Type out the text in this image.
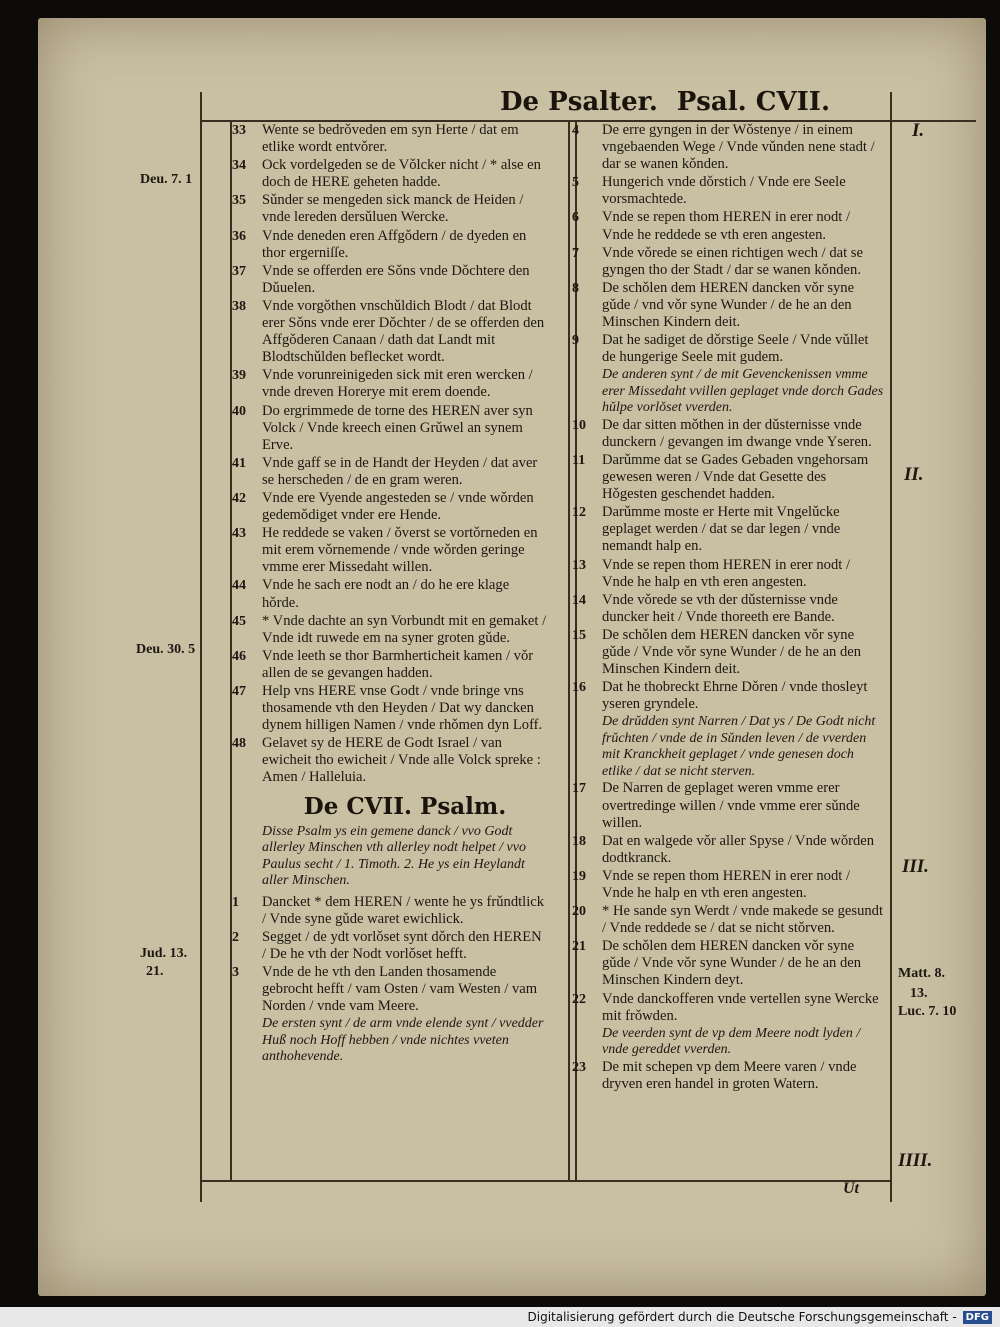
De Psalter. Psal. CVII.
33 Wente se bedrǒveden em syn Herte / dat em etlike wordt entvǒrer.
34 Ock vordelgeden se de Vǒlcker nicht / * alse en doch de HERE geheten hadde.
35 Sǔnder se mengeden sick manck de Heiden / vnde lereden dersǔluen Wercke.
36 Vnde deneden eren Affgǒdern / de dyeden en thor ergerniſſe.
37 Vnde se offerden ere Sǒns vnde Dǒchtere den Dǔuelen.
38 Vnde vorgǒthen vnschǔldich Blodt / dat Blodt erer Sǒns vnde erer Dǒchter / de se offerden den Affgǒderen Canaan / dath dat Landt mit Blodtschǔlden beflecket wordt.
39 Vnde vorunreinigeden sick mit eren wercken / vnde dreven Horerye mit erem doende.
40 Do ergrimmede de torne des HEREN aver syn Volck / Vnde kreech einen Grǔwel an synem Erve.
41 Vnde gaff se in de Handt der Heyden / dat aver se herscheden / de en gram weren.
42 Vnde ere Vyende angesteden se / vnde wǒrden gedemǒdiget vnder ere Hende.
43 He reddede se vaken / ǒverst se vortǒrneden en mit erem vǒrnemende / vnde wǒrden geringe vmme erer Missedaht willen.
44 Vnde he sach ere nodt an / do he ere klage hǒrde.
45 * Vnde dachte an syn Vorbundt mit en gemaket / Vnde idt ruwede em na syner groten gǔde.
46 Vnde leeth se thor Barmherticheit kamen / vǒr allen de se gevangen hadden.
47 Help vns HERE vnse Godt / vnde bringe vns thosamende vth den Heyden / Dat wy dancken dynem hilligen Namen / vnde rhǒmen dyn Loff.
48 Gelavet sy de HERE de Godt Israel / van ewicheit tho ewicheit / Vnde alle Volck spreke : Amen / Halleluia.
De CVII. Psalm.
Disse Psalm ys ein gemene danck / vvo Godt allerley Minschen vth allerley nodt helpet / vvo Paulus secht / 1. Timoth. 2. He ys ein Heylandt aller Minschen.
1 Dancket * dem HEREN / wente he ys frǔndtlick / Vnde syne gǔde waret ewichlick.
2 Segget / de ydt vorlǒset synt dǒrch den HEREN / De he vth der Nodt vorlǒset hefft.
3 Vnde de he vth den Landen thosamende gebrocht hefft / vam Osten / vam Westen / vam Norden / vnde vam Meere.
De ersten synt / de arm vnde elende synt / vvedder Huß noch Hoff hebben / vnde nichtes vveten anthohevende.
4 De erre gyngen in der Wǒstenye / in einem vngebaenden Wege / Vnde vǔnden nene stadt / dar se wanen kǒnden.
5 Hungerich vnde dǒrstich / Vnde ere Seele vorsmachtede.
6 Vnde se repen thom HEREN in erer nodt / Vnde he reddede se vth eren angesten.
7 Vnde vǒrede se einen richtigen wech / dat se gyngen tho der Stadt / dar se wanen kǒnden.
8 De schǒlen dem HEREN dancken vǒr syne gǔde / vnd vǒr syne Wunder / de he an den Minschen Kindern deit.
9 Dat he sadiget de dǒrstige Seele / Vnde vǔllet de hungerige Seele mit gudem.
De anderen synt / de mit Gevenckenissen vmme erer Missedaht vvillen geplaget vnde dorch Gades hǔlpe vorlǒset vverden.
10 De dar sitten mǒthen in der dǔsternisse vnde dunckern / gevangen im dwange vnde Yseren.
11 Darǔmme dat se Gades Gebaden vngehorsam gewesen weren / Vnde dat Gesette des Hǒgesten geschendet hadden.
12 Darǔmme moste er Herte mit Vngelǔcke geplaget werden / dat se dar legen / vnde nemandt halp en.
13 Vnde se repen thom HEREN in erer nodt / Vnde he halp en vth eren angesten.
14 Vnde vǒrede se vth der dǔsternisse vnde duncker heit / Vnde thoreeth ere Bande.
15 De schǒlen dem HEREN dancken vǒr syne gǔde / Vnde vǒr syne Wunder / de he an den Minschen Kindern deit.
16 Dat he thobreckt Ehrne Dǒren / vnde thosleyt yseren gryndele.
De drǔdden synt Narren / Dat ys / De Godt nicht frǔchten / vnde de in Sǔnden leven / de vverden mit Kranckheit geplaget / vnde genesen doch etlike / dat se nicht sterven.
17 De Narren de geplaget weren vmme erer overtredinge willen / vnde vmme erer sǔnde willen.
18 Dat en walgede vǒr aller Spyse / Vnde wǒrden dodtkranck.
19 Vnde se repen thom HEREN in erer nodt / Vnde he halp en vth eren angesten.
20 * He sande syn Werdt / vnde makede se gesundt / Vnde reddede se / dat se nicht stǒrven.
21 De schǒlen dem HEREN dancken vǒr syne gǔde / Vnde vǒr syne Wunder / de he an den Minschen Kindern deyt.
22 Vnde danckofferen vnde vertellen syne Wercke mit frǒwden.
De veerden synt de vp dem Meere nodt lyden / vnde gereddet vverden.
23 De mit schepen vp dem Meere varen / vnde dryven eren handel in groten Watern.
Deu. 7. 1
Deu. 30. 5
Jud. 13.
21.	Matt. 8.
13.
Luc. 7. 10
I.
II.
III.
IIII.
Ut
Digitalisierung gefördert durch die Deutsche Forschungsgemeinschaft - DFG
